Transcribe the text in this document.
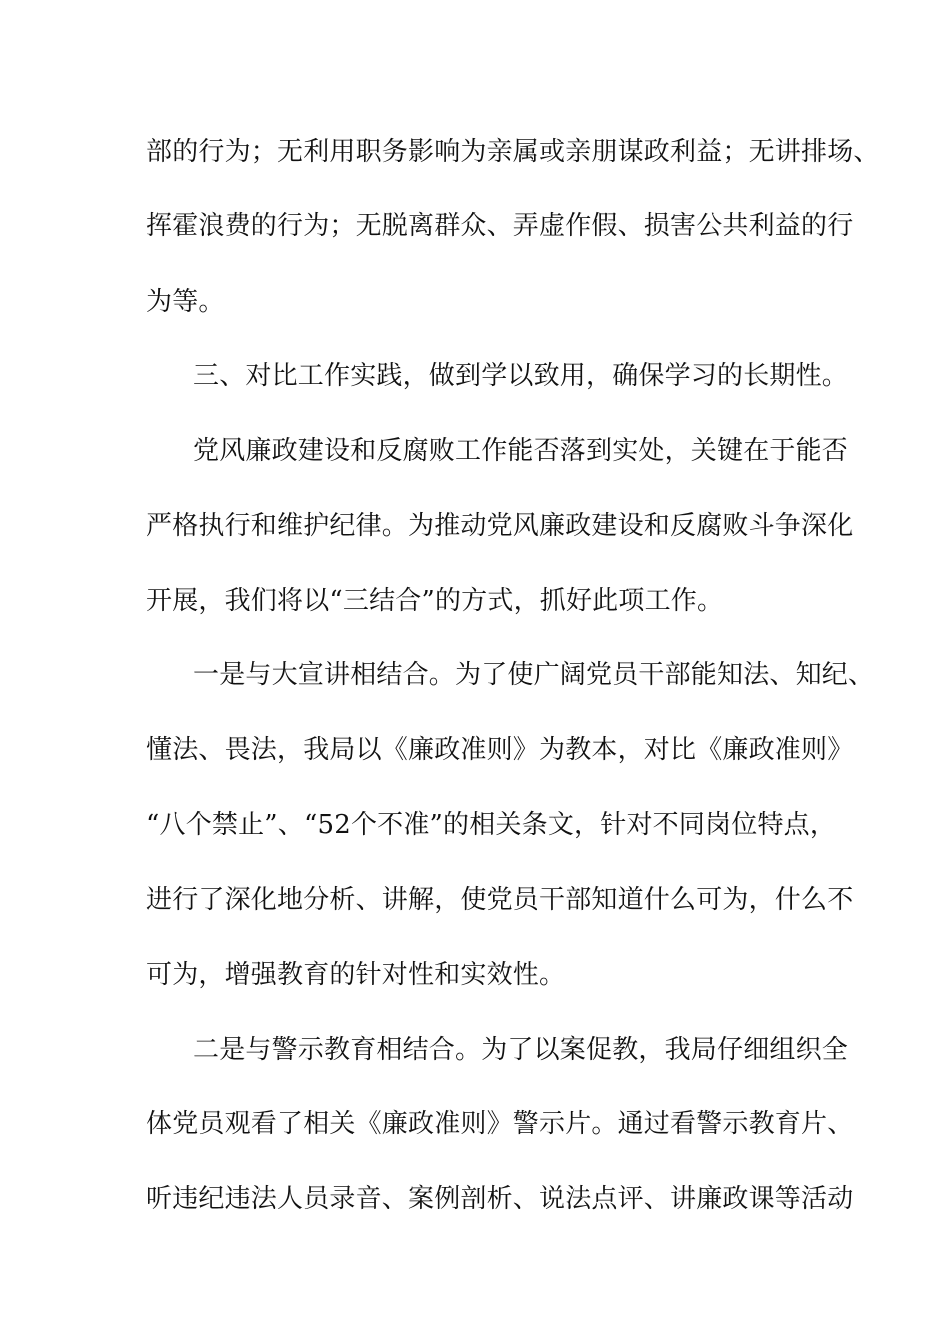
部的行为；无利用职务影响为亲属或亲朋谋政利益；无讲排场、
挥霍浪费的行为；无脱离群众、弄虚作假、损害公共利益的行
为等。
三、对比工作实践，做到学以致用，确保学习的长期性。
党风廉政建设和反腐败工作能否落到实处，关键在于能否
严格执行和维护纪律。为推动党风廉政建设和反腐败斗争深化
开展，我们将以“三结合”的方式，抓好此项工作。
一是与大宣讲相结合。为了使广阔党员干部能知法、知纪、
懂法、畏法，我局以《廉政准则》为教本，对比《廉政准则》
“八个禁止”、“52个不准”的相关条文，针对不同岗位特点，
进行了深化地分析、讲解，使党员干部知道什么可为，什么不
可为，增强教育的针对性和实效性。
二是与警示教育相结合。为了以案促教，我局仔细组织全
体党员观看了相关《廉政准则》警示片。通过看警示教育片、
听违纪违法人员录音、案例剖析、说法点评、讲廉政课等活动
